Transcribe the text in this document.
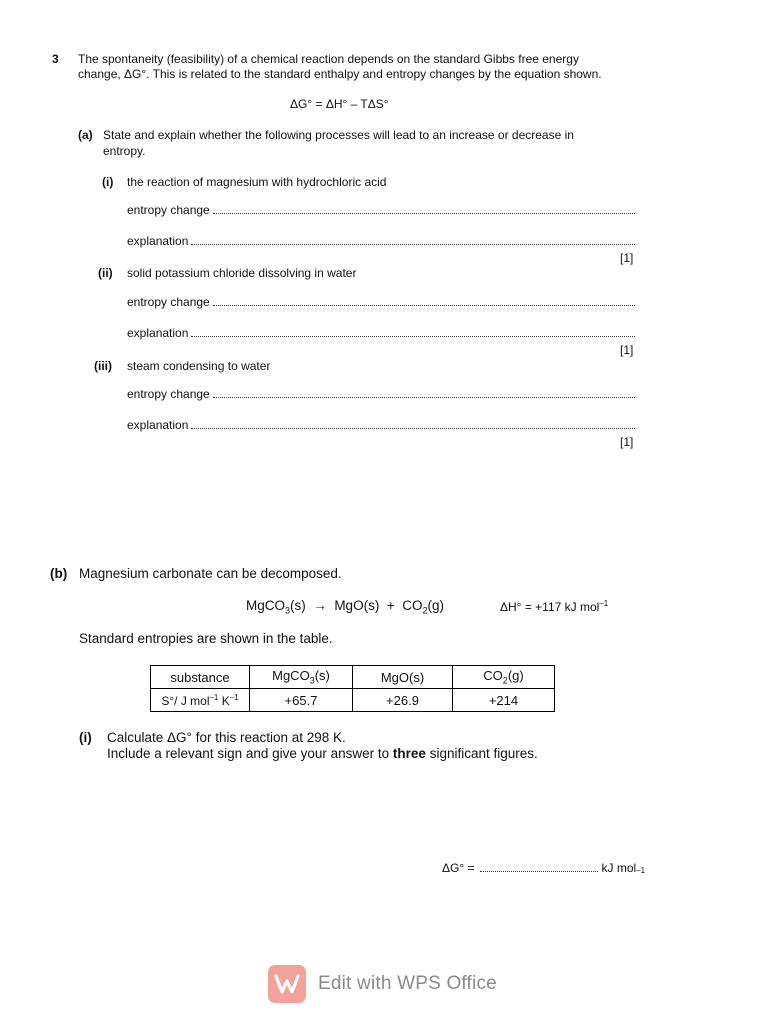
3 The spontaneity (feasibility) of a chemical reaction depends on the standard Gibbs free energy
change, ΔG°. This is related to the standard enthalpy and entropy changes by the equation shown.
ΔG° = ΔH° – TΔS°
(a) State and explain whether the following processes will lead to an increase or decrease in
entropy.
(i) the reaction of magnesium with hydrochloric acid
entropy change
explanation
[1]
(ii) solid potassium chloride dissolving in water
entropy change
explanation
[1]
(iii) steam condensing to water
entropy change
explanation
[1]
(b) Magnesium carbonate can be decomposed.
MgCO$_3$(s) → $MgO(s) + CO_2(g)$	ΔH° = +117 kJ mol$^{-1}$
Standard entropies are shown in the table.
substance	MgCO$_3$(s)	MgO(s)	$CO_2(g)$
S°/ J mol$^{-1}$ $K^{-1}$	+65.7	+26.9	+214
(i) Calculate ΔG° for this reaction at 298 K.
Include a relevant sign and give your answer to three significant figures.
ΔG° =	kJ mol$_{-1}$
Edit with WPS Office
